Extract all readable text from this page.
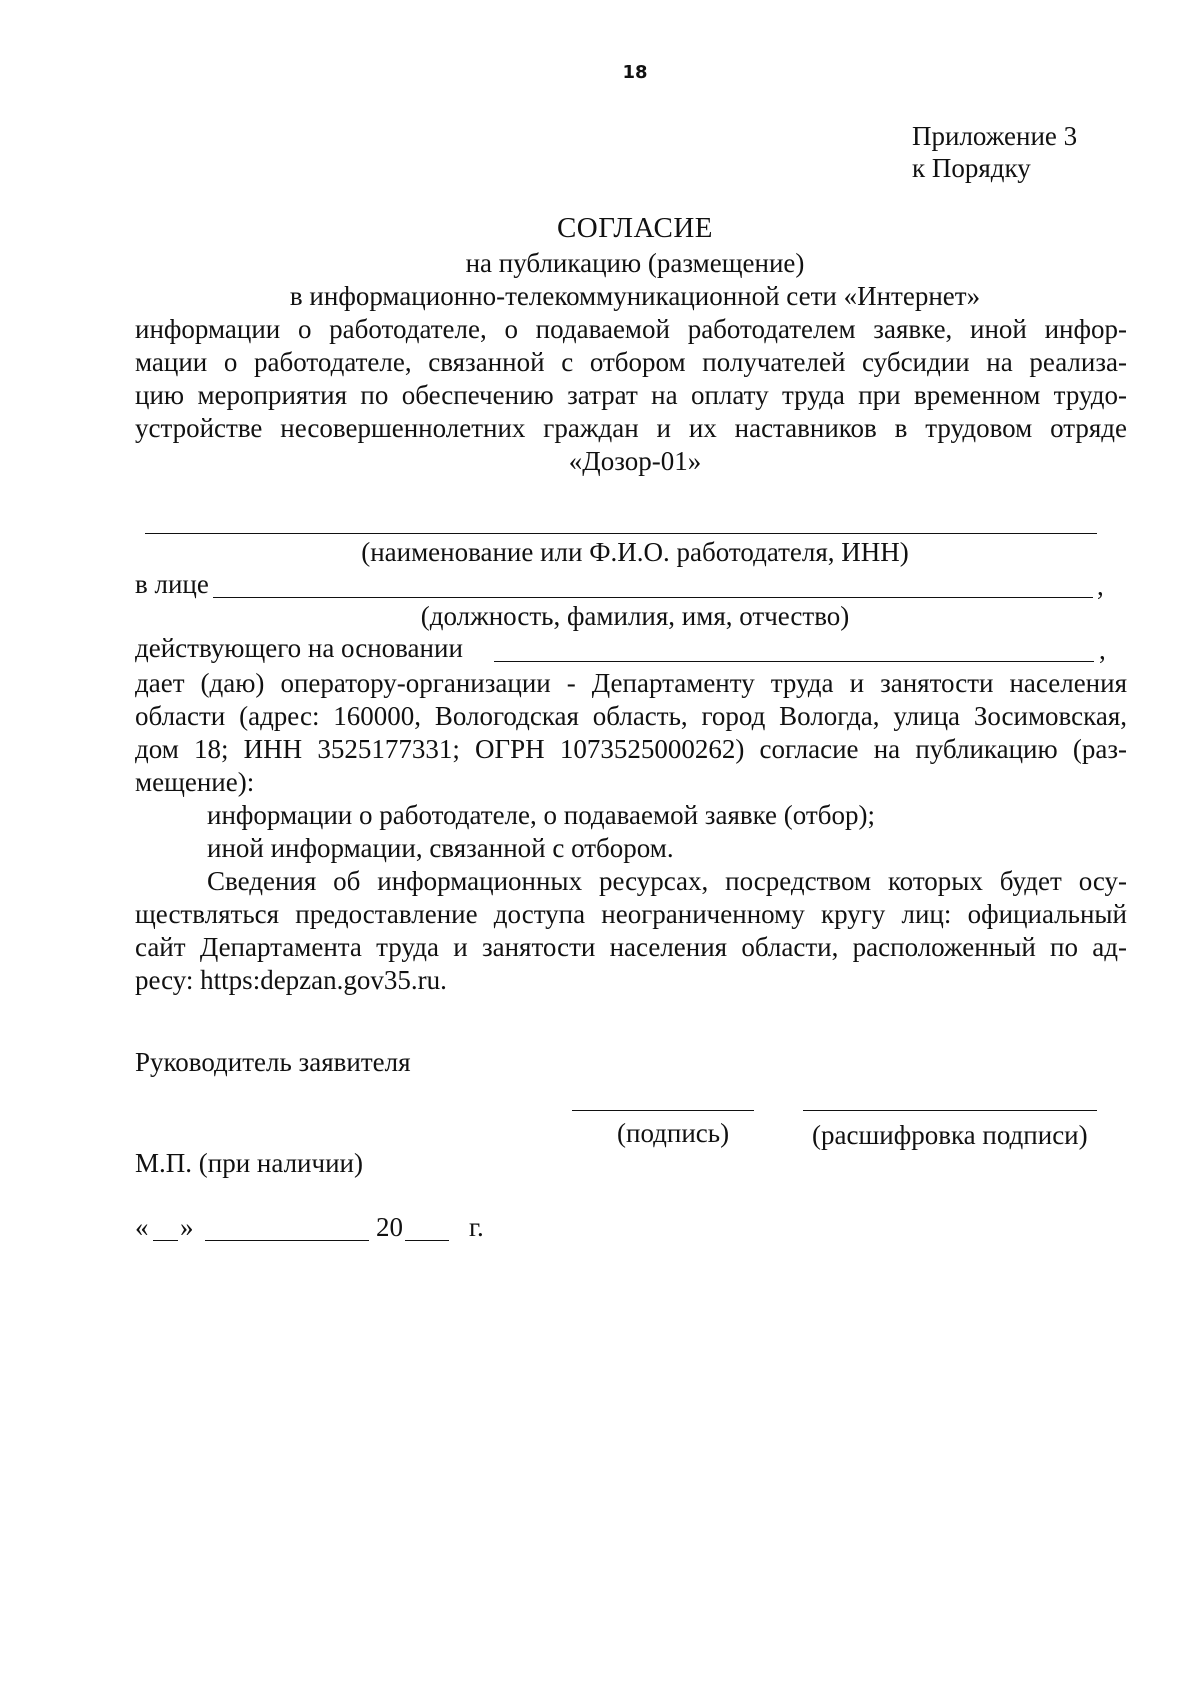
18
Приложение 3
к Порядку
СОГЛАСИЕ
на публикацию (размещение)
в информационно-телекоммуникационной сети «Интернет»
информации о работодателе, о подаваемой работодателем заявке, иной инфор-
мации о работодателе, связанной с отбором получателей субсидии на реализа-
цию мероприятия по обеспечению затрат на оплату труда при временном трудо-
устройстве несовершеннолетних граждан и их наставников в трудовом отряде
«Дозор-01»
(наименование или Ф.И.О. работодателя, ИНН)
в лице	,
(должность, фамилия, имя, отчество)
действующего на основании	,
дает (даю) оператору-организации - Департаменту труда и занятости населения
области (адрес: 160000, Вологодская область, город Вологда, улица Зосимовская,
дом 18; ИНН 3525177331; ОГРН 1073525000262) согласие на публикацию (раз-
мещение):
информации о работодателе, о подаваемой заявке (отбор);
иной информации, связанной с отбором.
Сведения об информационных ресурсах, посредством которых будет осу-
ществляться предоставление доступа неограниченному кругу лиц: официальный
сайт Департамента труда и занятости населения области, расположенный по ад-
ресу: https:depzan.gov35.ru.
Руководитель заявителя
(подпись)	(расшифровка подписи)
М.П. (при наличии)
« »	20 г.
